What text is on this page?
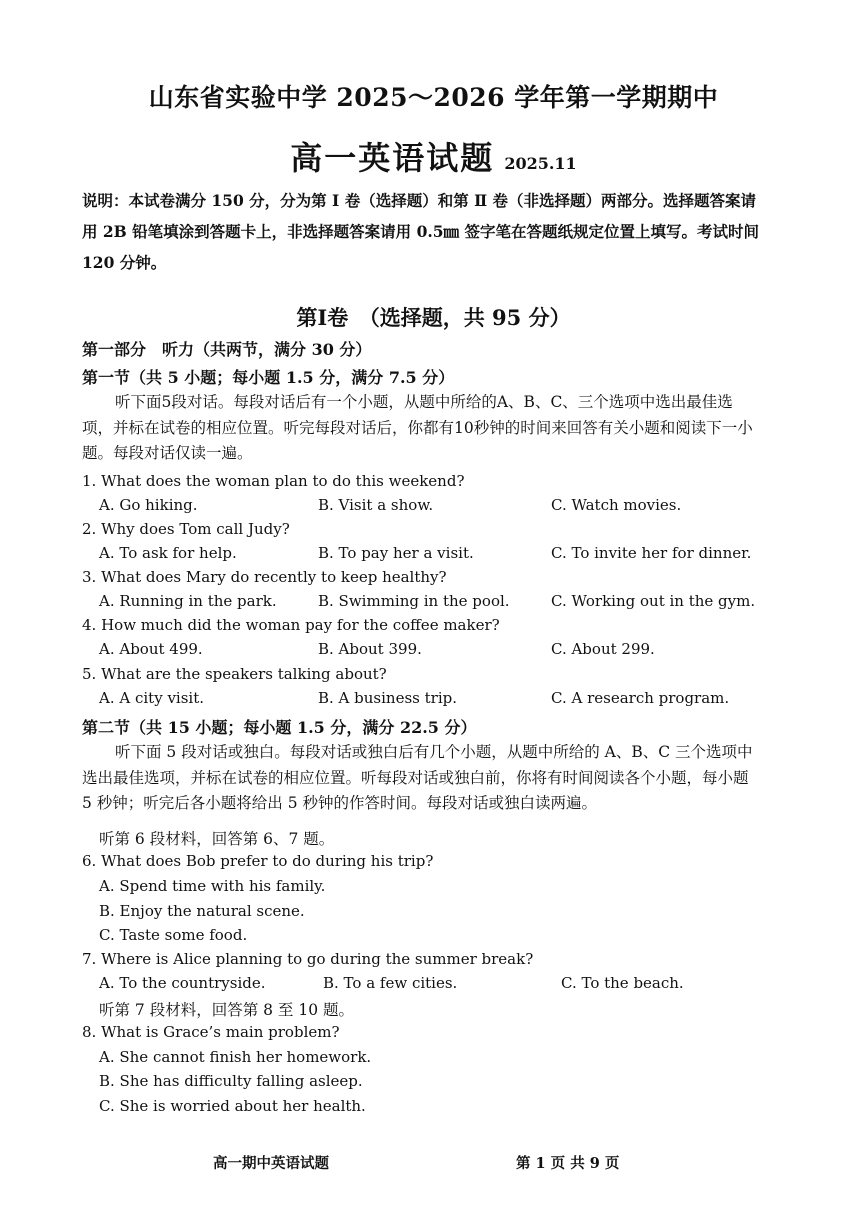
山东省实验中学 2025～2026 学年第一学期期中
高一英语试题 2025.11
说明：本试卷满分 150 分，分为第 Ⅰ 卷（选择题）和第 Ⅱ 卷（非选择题）两部分。选择题答案请用 2B 铅笔填涂到答题卡上，非选择题答案请用 0.5㎜ 签字笔在答题纸规定位置上填写。考试时间 120 分钟。
第Ⅰ卷　（选择题，共 95 分）
第一部分　听力（共两节，满分 30 分）
第一节（共 5 小题；每小题 1.5 分，满分 7.5 分）
听下面5段对话。每段对话后有一个小题，从题中所给的A、B、C、三个选项中选出最佳选项，并标在试卷的相应位置。听完每段对话后，你都有10秒钟的时间来回答有关小题和阅读下一小题。每段对话仅读一遍。
1. What does the woman plan to do this weekend?
A. Go hiking.	B. Visit a show.	C. Watch movies.
2. Why does Tom call Judy?
A. To ask for help.	B. To pay her a visit.	C. To invite her for dinner.
3. What does Mary do recently to keep healthy?
A. Running in the park.	B. Swimming in the pool.	C. Working out in the gym.
4. How much did the woman pay for the coffee maker?
A. About 499.	B. About 399.	C. About 299.
5. What are the speakers talking about?
A. A city visit.	B. A business trip.	C. A research program.
第二节（共 15 小题；每小题 1.5 分，满分 22.5 分）
听下面 5 段对话或独白。每段对话或独白后有几个小题，从题中所给的 A、B、C 三个选项中选出最佳选项，并标在试卷的相应位置。听每段对话或独白前，你将有时间阅读各个小题，每小题 5 秒钟；听完后各小题将给出 5 秒钟的作答时间。每段对话或独白读两遍。
听第 6 段材料，回答第 6、7 题。
6. What does Bob prefer to do during his trip?
A. Spend time with his family.
B. Enjoy the natural scene.
C. Taste some food.
7. Where is Alice planning to go during the summer break?
A. To the countryside.	B. To a few cities.	C. To the beach.
听第 7 段材料，回答第 8 至 10 题。
8. What is Grace’s main problem?
A. She cannot finish her homework.
B. She has difficulty falling asleep.
C. She is worried about her health.
高一期中英语试题	第 1 页 共 9 页
